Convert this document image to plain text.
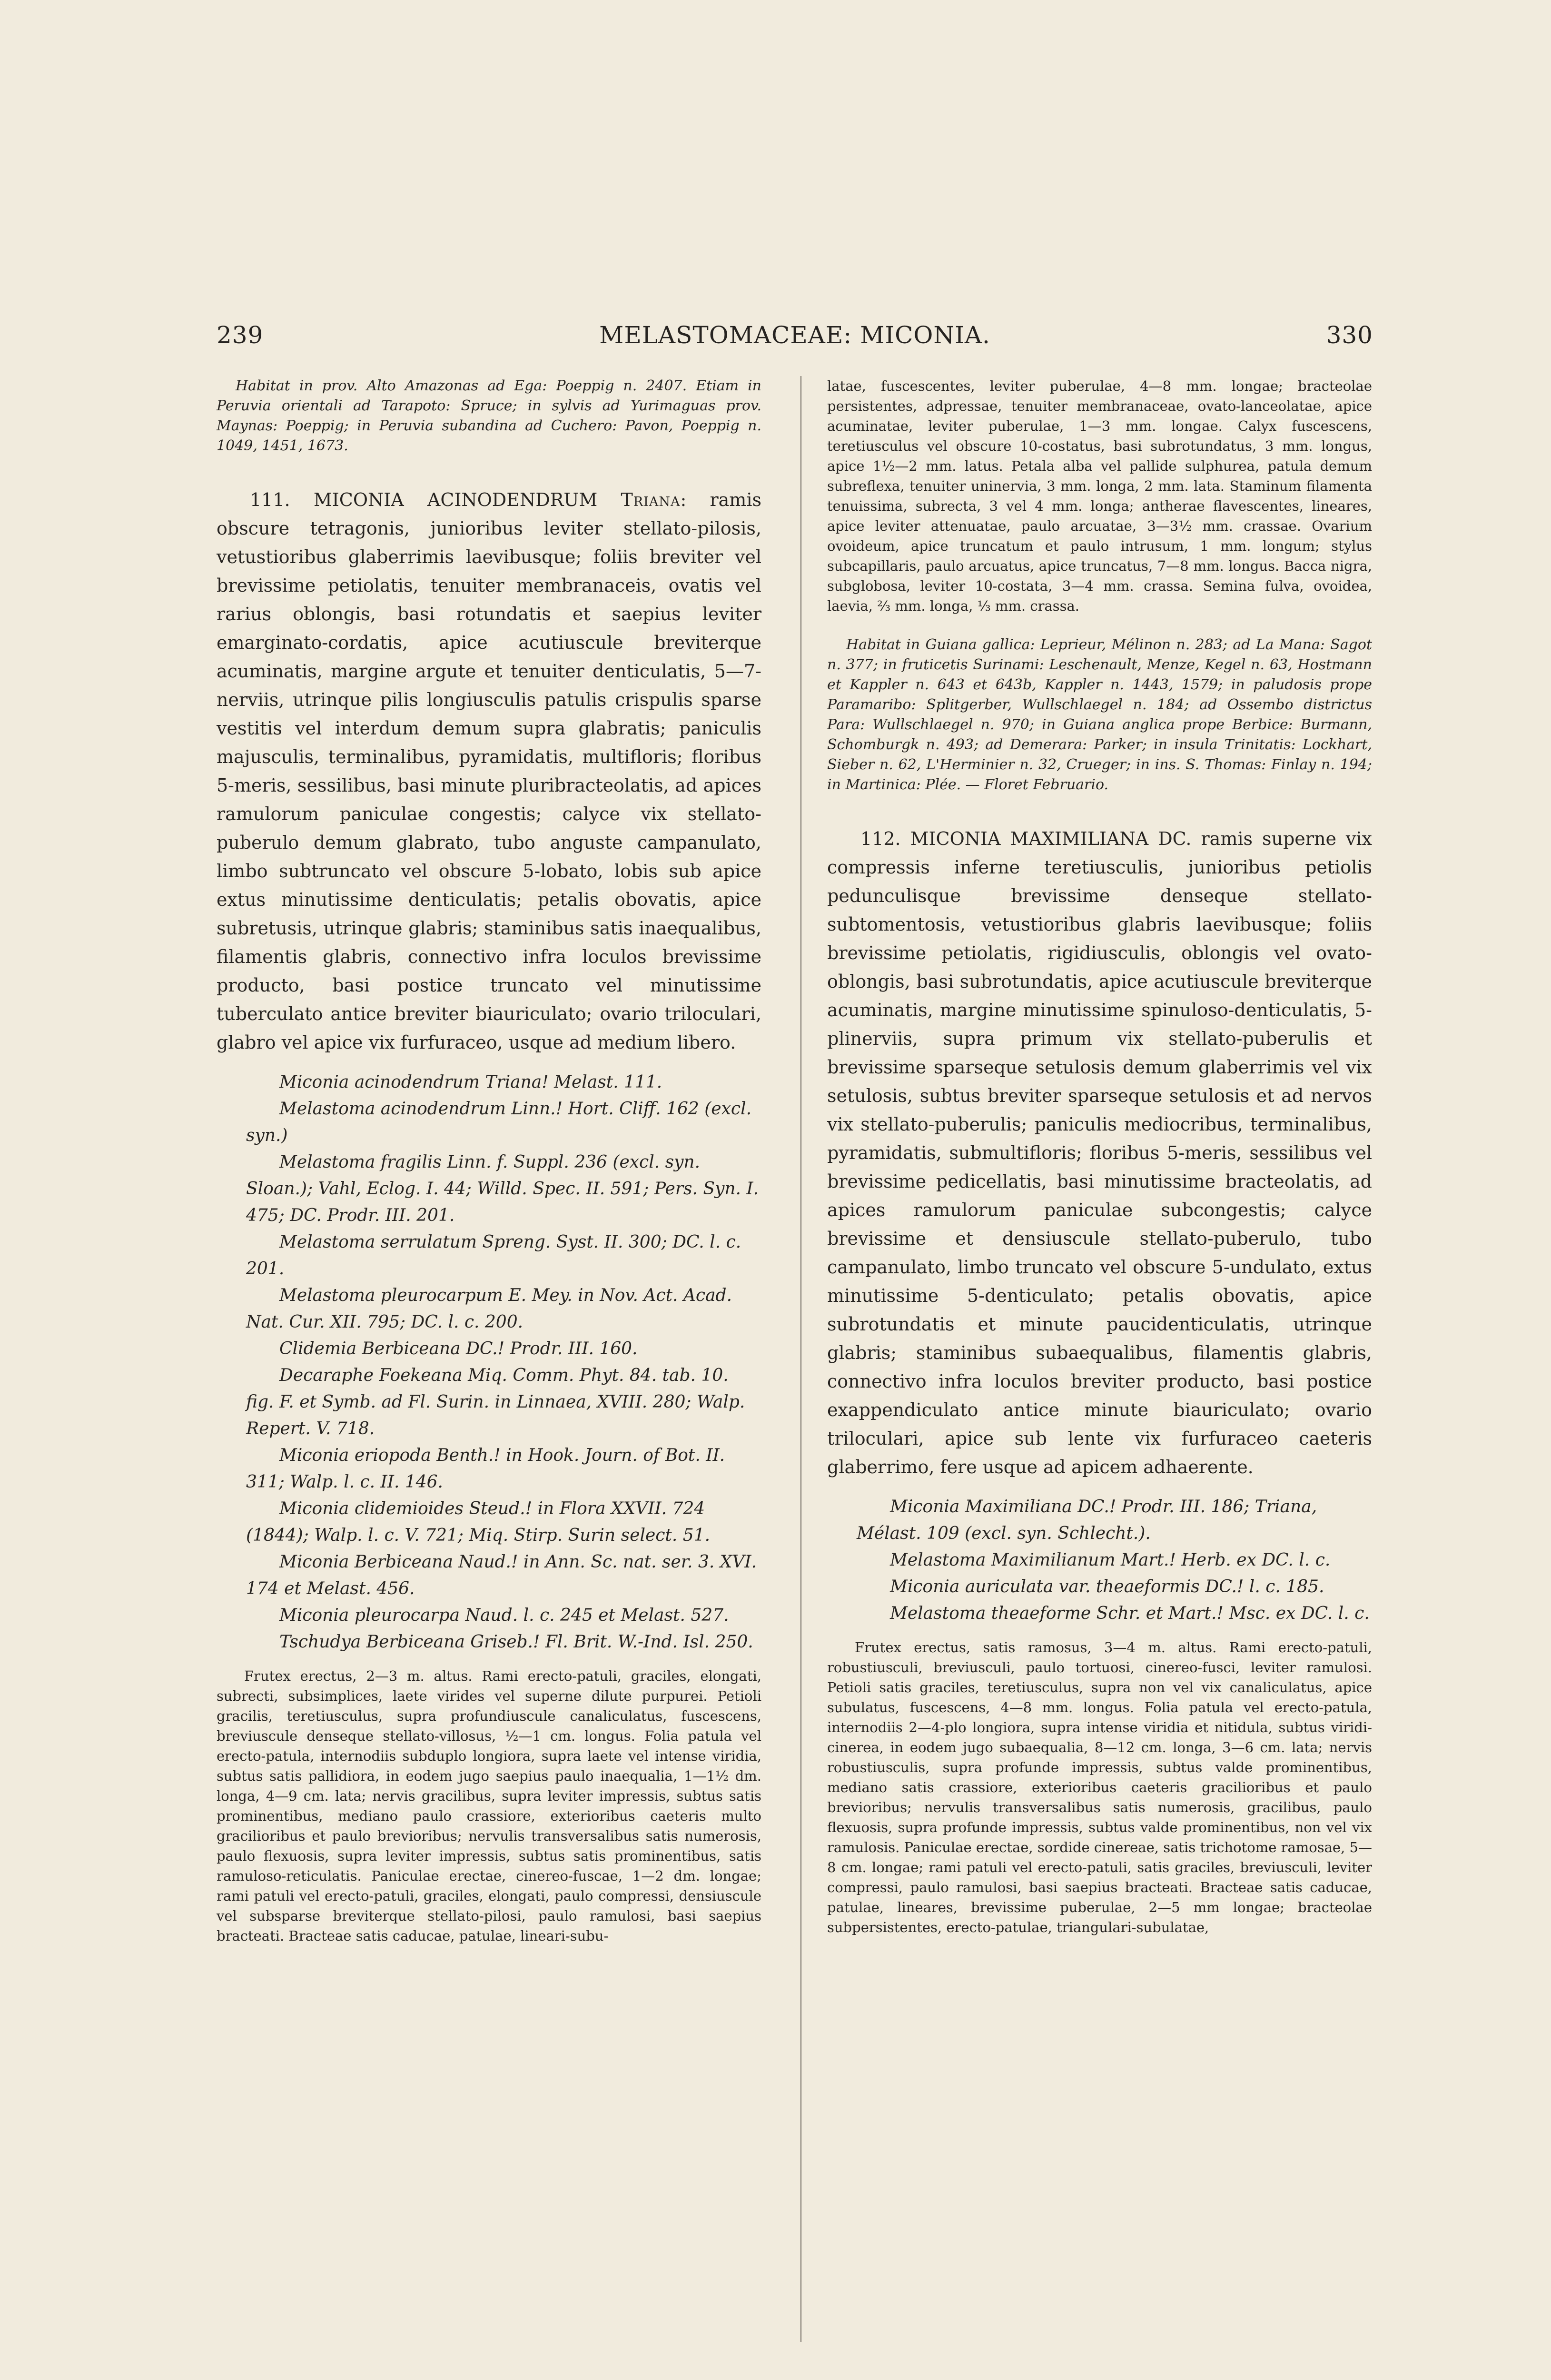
239	MELASTOMACEAE: MICONIA.	330

Habitat in prov. Alto Amazonas ad Ega: Poeppig n. 2407. Etiam in Peruvia orientali ad Tarapoto: Spruce; in sylvis ad Yurimaguas prov. Maynas: Poeppig; in Peruvia subandina ad Cuchero: Pavon, Poeppig n. 1049, 1451, 1673.

111. MICONIA ACINODENDRUM Triana: ramis obscure tetragonis, junioribus leviter stellato-pilosis, vetustioribus glaberrimis laevibusque; foliis breviter vel brevissime petiolatis, tenuiter membranaceis, ovatis vel rarius oblongis, basi rotundatis et saepius leviter emarginato-cordatis, apice acutiuscule breviterque acuminatis, margine argute et tenuiter denticulatis, 5—7-nerviis, utrinque pilis longiusculis patulis crispulis sparse vestitis vel interdum demum supra glabratis; paniculis majusculis, terminalibus, pyramidatis, multifloris; floribus 5-meris, sessilibus, basi minute pluribracteolatis, ad apices ramulorum paniculae congestis; calyce vix stellato-puberulo demum glabrato, tubo anguste campanulato, limbo subtruncato vel obscure 5-lobato, lobis sub apice extus minutissime denticulatis; petalis obovatis, apice subretusis, utrinque glabris; staminibus satis inaequalibus, filamentis glabris, connectivo infra loculos brevissime producto, basi postice truncato vel minutissime tuberculato antice breviter biauriculato; ovario triloculari, glabro vel apice vix furfuraceo, usque ad medium libero.

Miconia acinodendrum Triana! Melast. 111.

Melastoma acinodendrum Linn.! Hort. Cliff. 162 (excl. syn.)

Melastoma fragilis Linn. f. Suppl. 236 (excl. syn. Sloan.); Vahl, Eclog. I. 44; Willd. Spec. II. 591; Pers. Syn. I. 475; DC. Prodr. III. 201.

Melastoma serrulatum Spreng. Syst. II. 300; DC. l. c. 201.

Melastoma pleurocarpum E. Mey. in Nov. Act. Acad. Nat. Cur. XII. 795; DC. l. c. 200.

Clidemia Berbiceana DC.! Prodr. III. 160.

Decaraphe Foekeana Miq. Comm. Phyt. 84. tab. 10. fig. F. et Symb. ad Fl. Surin. in Linnaea, XVIII. 280; Walp. Repert. V. 718.

Miconia eriopoda Benth.! in Hook. Journ. of Bot. II. 311; Walp. l. c. II. 146.

Miconia clidemioides Steud.! in Flora XXVII. 724 (1844); Walp. l. c. V. 721; Miq. Stirp. Surin select. 51.

Miconia Berbiceana Naud.! in Ann. Sc. nat. ser. 3. XVI. 174 et Melast. 456.

Miconia pleurocarpa Naud. l. c. 245 et Melast. 527.

Tschudya Berbiceana Griseb.! Fl. Brit. W.-Ind. Isl. 250.

Frutex erectus, 2—3 m. altus. Rami erecto-patuli, graciles, elongati, subrecti, subsimplices, laete virides vel superne dilute purpurei. Petioli gracilis, teretiusculus, supra profundiuscule canaliculatus, fuscescens, breviuscule denseque stellato-villosus, ½—1 cm. longus. Folia patula vel erecto-patula, internodiis subduplo longiora, supra laete vel intense viridia, subtus satis pallidiora, in eodem jugo saepius paulo inaequalia, 1—1½ dm. longa, 4—9 cm. lata; nervis gracilibus, supra leviter impressis, subtus satis prominentibus, mediano paulo crassiore, exterioribus caeteris multo gracilioribus et paulo brevioribus; nervulis transversalibus satis numerosis, paulo flexuosis, supra leviter impressis, subtus satis prominentibus, satis ramuloso-reticulatis. Paniculae erectae, cinereo-fuscae, 1—2 dm. longae; rami patuli vel erecto-patuli, graciles, elongati, paulo compressi, densiuscule vel subsparse breviterque stellato-pilosi, paulo ramulosi, basi saepius bracteati. Bracteae satis caducae, patulae, lineari-subu-

latae, fuscescentes, leviter puberulae, 4—8 mm. longae; bracteolae persistentes, adpressae, tenuiter membranaceae, ovato-lanceolatae, apice acuminatae, leviter puberulae, 1—3 mm. longae. Calyx fuscescens, teretiusculus vel obscure 10-costatus, basi subrotundatus, 3 mm. longus, apice 1½—2 mm. latus. Petala alba vel pallide sulphurea, patula demum subreflexa, tenuiter uninervia, 3 mm. longa, 2 mm. lata. Staminum filamenta tenuissima, subrecta, 3 vel 4 mm. longa; antherae flavescentes, lineares, apice leviter attenuatae, paulo arcuatae, 3—3½ mm. crassae. Ovarium ovoideum, apice truncatum et paulo intrusum, 1 mm. longum; stylus subcapillaris, paulo arcuatus, apice truncatus, 7—8 mm. longus. Bacca nigra, subglobosa, leviter 10-costata, 3—4 mm. crassa. Semina fulva, ovoidea, laevia, ⅔ mm. longa, ⅓ mm. crassa.

Habitat in Guiana gallica: Leprieur, Mélinon n. 283; ad La Mana: Sagot n. 377; in fruticetis Surinami: Leschenault, Menze, Kegel n. 63, Hostmann et Kappler n. 643 et 643b, Kappler n. 1443, 1579; in paludosis prope Paramaribo: Splitgerber, Wullschlaegel n. 184; ad Ossembo districtus Para: Wullschlaegel n. 970; in Guiana anglica prope Berbice: Burmann, Schomburgk n. 493; ad Demerara: Parker; in insula Trinitatis: Lockhart, Sieber n. 62, L'Herminier n. 32, Crueger; in ins. S. Thomas: Finlay n. 194; in Martinica: Plée. — Floret Februario.

112. MICONIA MAXIMILIANA DC. ramis superne vix compressis inferne teretiusculis, junioribus petiolis pedunculisque brevissime denseque stellato-subtomentosis, vetustioribus glabris laevibusque; foliis brevissime petiolatis, rigidiusculis, oblongis vel ovato-oblongis, basi subrotundatis, apice acutiuscule breviterque acuminatis, margine minutissime spinuloso-denticulatis, 5-plinerviis, supra primum vix stellato-puberulis et brevissime sparseque setulosis demum glaberrimis vel vix setulosis, subtus breviter sparseque setulosis et ad nervos vix stellato-puberulis; paniculis mediocribus, terminalibus, pyramidatis, submultifloris; floribus 5-meris, sessilibus vel brevissime pedicellatis, basi minutissime bracteolatis, ad apices ramulorum paniculae subcongestis; calyce brevissime et densiuscule stellato-puberulo, tubo campanulato, limbo truncato vel obscure 5-undulato, extus minutissime 5-denticulato; petalis obovatis, apice subrotundatis et minute paucidenticulatis, utrinque glabris; staminibus subaequalibus, filamentis glabris, connectivo infra loculos breviter producto, basi postice exappendiculato antice minute biauriculato; ovario triloculari, apice sub lente vix furfuraceo caeteris glaberrimo, fere usque ad apicem adhaerente.

Miconia Maximiliana DC.! Prodr. III. 186; Triana, Mélast. 109 (excl. syn. Schlecht.).

Melastoma Maximilianum Mart.! Herb. ex DC. l. c.

Miconia auriculata var. theaeformis DC.! l. c. 185.

Melastoma theaeforme Schr. et Mart.! Msc. ex DC. l. c.

Frutex erectus, satis ramosus, 3—4 m. altus. Rami erecto-patuli, robustiusculi, breviusculi, paulo tortuosi, cinereo-fusci, leviter ramulosi. Petioli satis graciles, teretiusculus, supra non vel vix canaliculatus, apice subulatus, fuscescens, 4—8 mm. longus. Folia patula vel erecto-patula, internodiis 2—4-plo longiora, supra intense viridia et nitidula, subtus viridi-cinerea, in eodem jugo subaequalia, 8—12 cm. longa, 3—6 cm. lata; nervis robustiusculis, supra profunde impressis, subtus valde prominentibus, mediano satis crassiore, exterioribus caeteris gracilioribus et paulo brevioribus; nervulis transversalibus satis numerosis, gracilibus, paulo flexuosis, supra profunde impressis, subtus valde prominentibus, non vel vix ramulosis. Paniculae erectae, sordide cinereae, satis trichotome ramosae, 5—8 cm. longae; rami patuli vel erecto-patuli, satis graciles, breviusculi, leviter compressi, paulo ramulosi, basi saepius bracteati. Bracteae satis caducae, patulae, lineares, brevissime puberulae, 2—5 mm longae; bracteolae subpersistentes, erecto-patulae, triangulari-subulatae,
